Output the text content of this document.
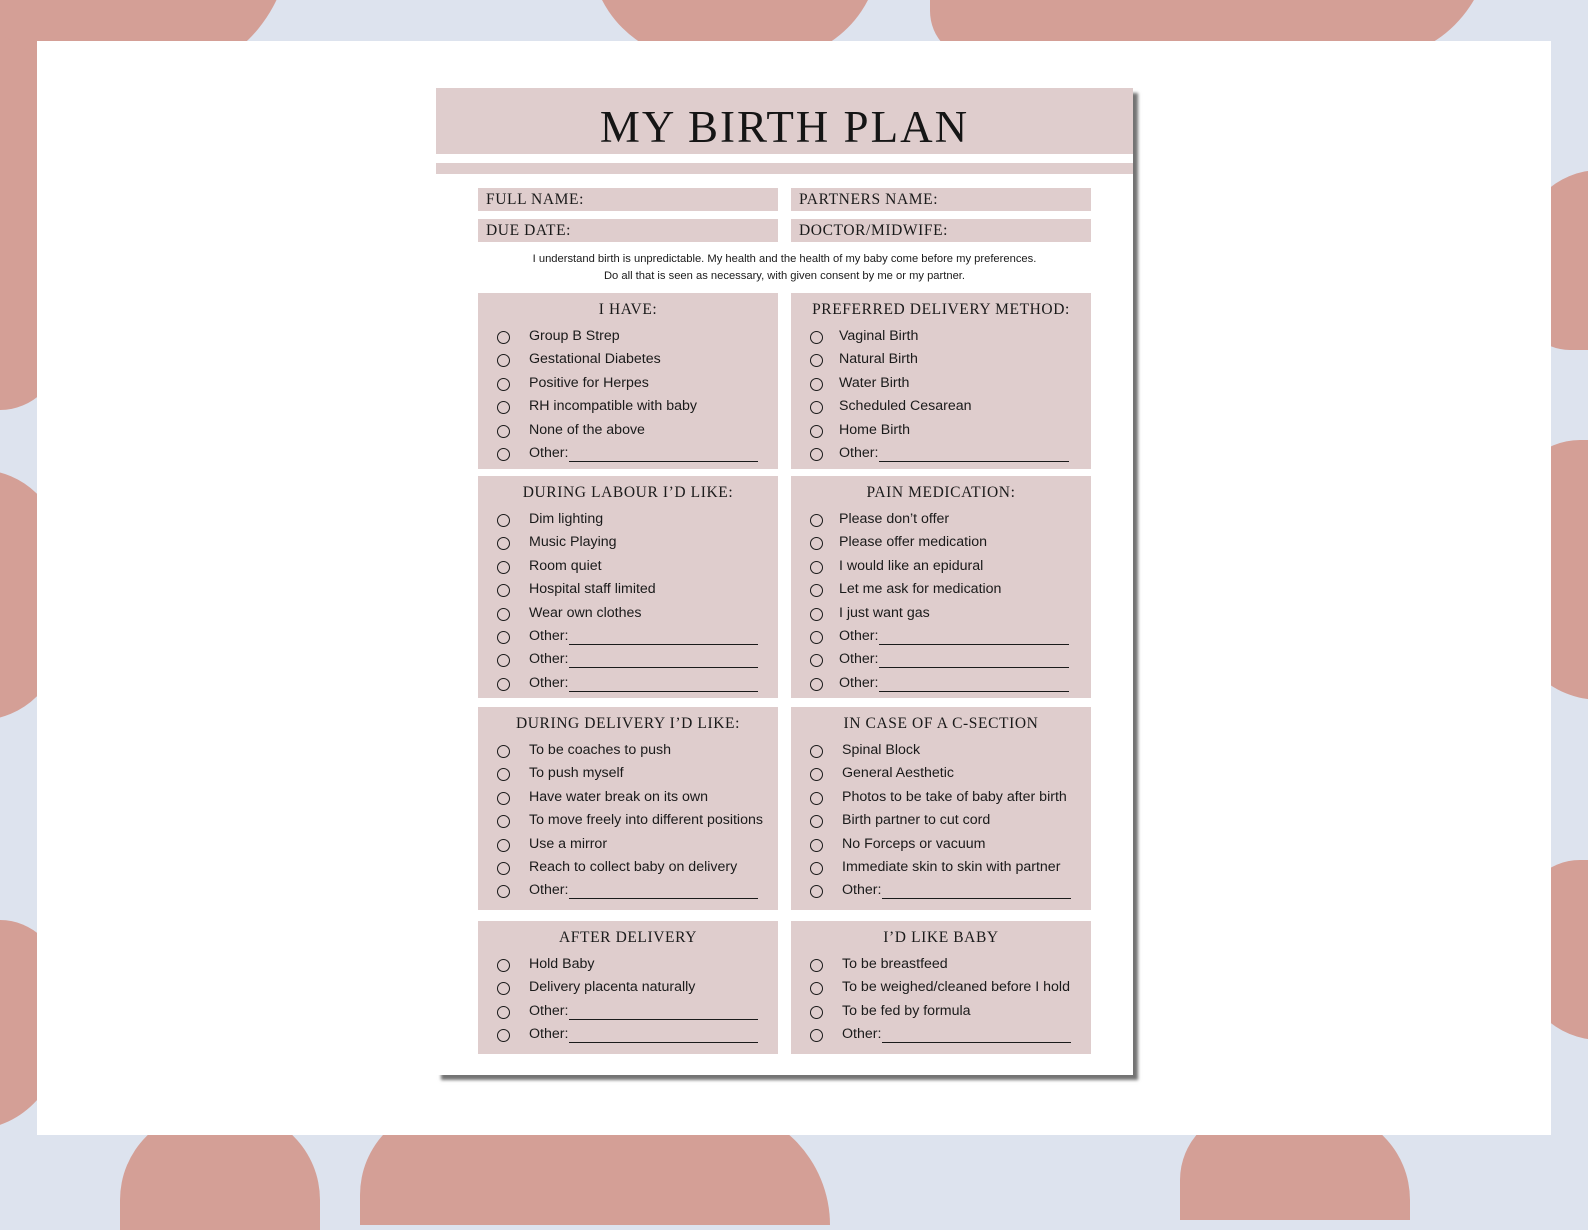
MY BIRTH PLAN
FULL NAME:	PARTNERS NAME:
DUE DATE:	DOCTOR/MIDWIFE:
I understand birth is unpredictable. My health and the health of my baby come before my preferences.
Do all that is seen as necessary, with given consent by me or my partner.
I HAVE:
Group B Strep
Gestational Diabetes
Positive for Herpes
RH incompatible with baby
None of the above
Other:
PREFERRED DELIVERY METHOD:
Vaginal Birth
Natural Birth
Water Birth
Scheduled Cesarean
Home Birth
Other:
DURING LABOUR I’D LIKE:
Dim lighting
Music Playing
Room quiet
Hospital staff limited
Wear own clothes
Other:
Other:
Other:
PAIN MEDICATION:
Please don’t offer
Please offer medication
I would like an epidural
Let me ask for medication
I just want gas
Other:
Other:
Other:
DURING DELIVERY I’D LIKE:
To be coaches to push
To push myself
Have water break on its own
To move freely into different positions
Use a mirror
Reach to collect baby on delivery
Other:
IN CASE OF A C-SECTION
Spinal Block
General Aesthetic
Photos to be take of baby after birth
Birth partner to cut cord
No Forceps or vacuum
Immediate skin to skin with partner
Other:
AFTER DELIVERY
Hold Baby
Delivery placenta naturally
Other:
Other:
I’D LIKE BABY
To be breastfeed
To be weighed/cleaned before I hold
To be fed by formula
Other:
